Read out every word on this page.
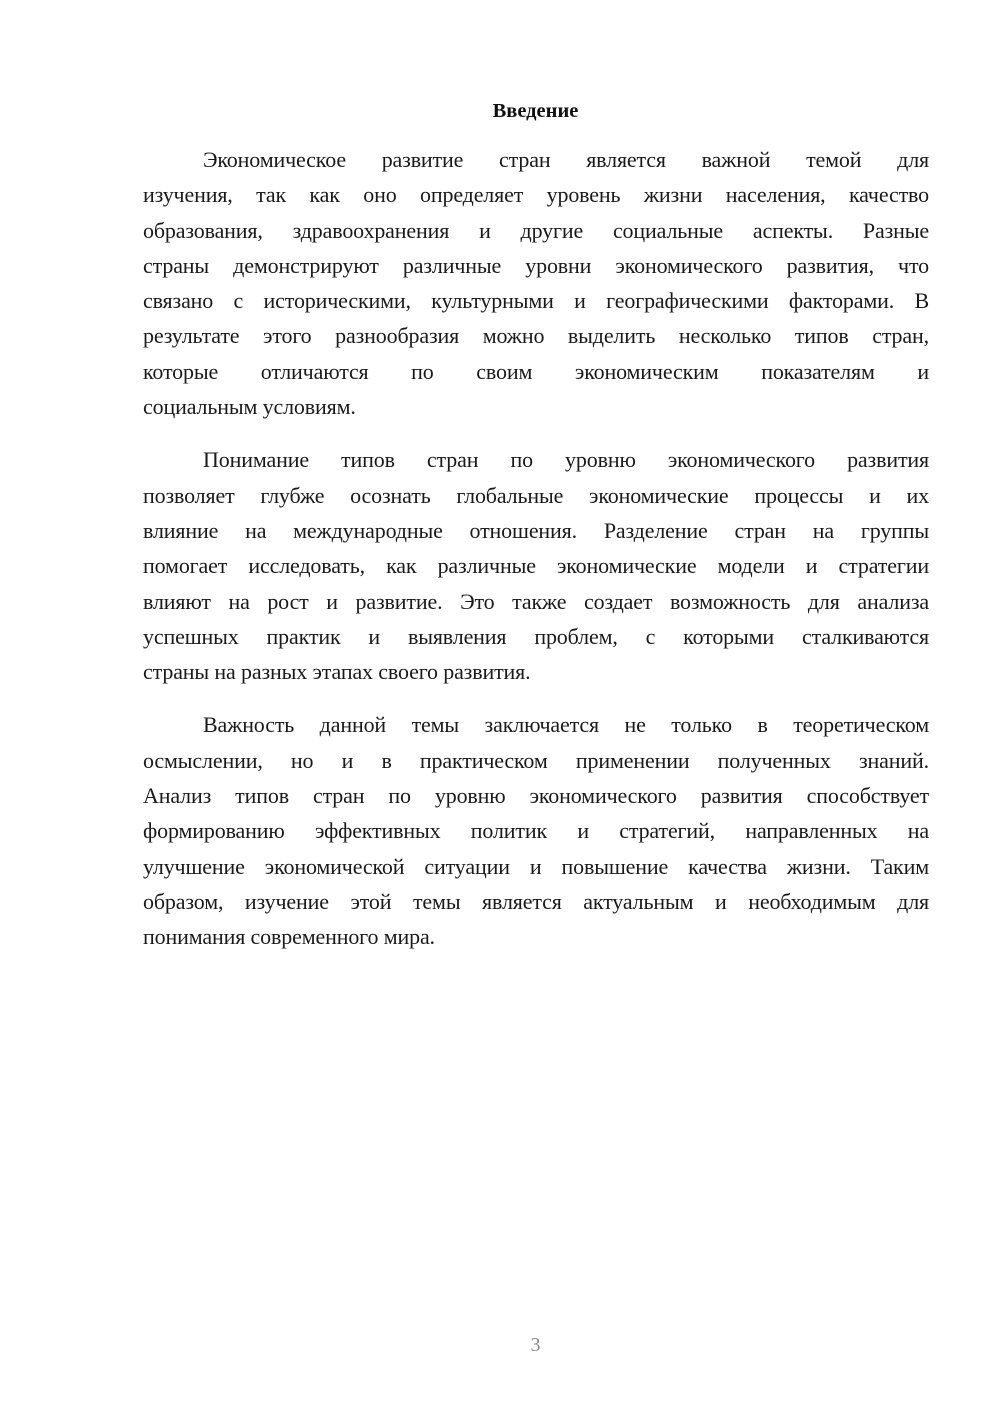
Введение
Экономическое развитие стран является важной темой для
изучения, так как оно определяет уровень жизни населения, качество
образования, здравоохранения и другие социальные аспекты. Разные
страны демонстрируют различные уровни экономического развития, что
связано с историческими, культурными и географическими факторами. В
результате этого разнообразия можно выделить несколько типов стран,
которые отличаются по своим экономическим показателям и
социальным условиям.
Понимание типов стран по уровню экономического развития
позволяет глубже осознать глобальные экономические процессы и их
влияние на международные отношения. Разделение стран на группы
помогает исследовать, как различные экономические модели и стратегии
влияют на рост и развитие. Это также создает возможность для анализа
успешных практик и выявления проблем, с которыми сталкиваются
страны на разных этапах своего развития.
Важность данной темы заключается не только в теоретическом
осмыслении, но и в практическом применении полученных знаний.
Анализ типов стран по уровню экономического развития способствует
формированию эффективных политик и стратегий, направленных на
улучшение экономической ситуации и повышение качества жизни. Таким
образом, изучение этой темы является актуальным и необходимым для
понимания современного мира.
3
